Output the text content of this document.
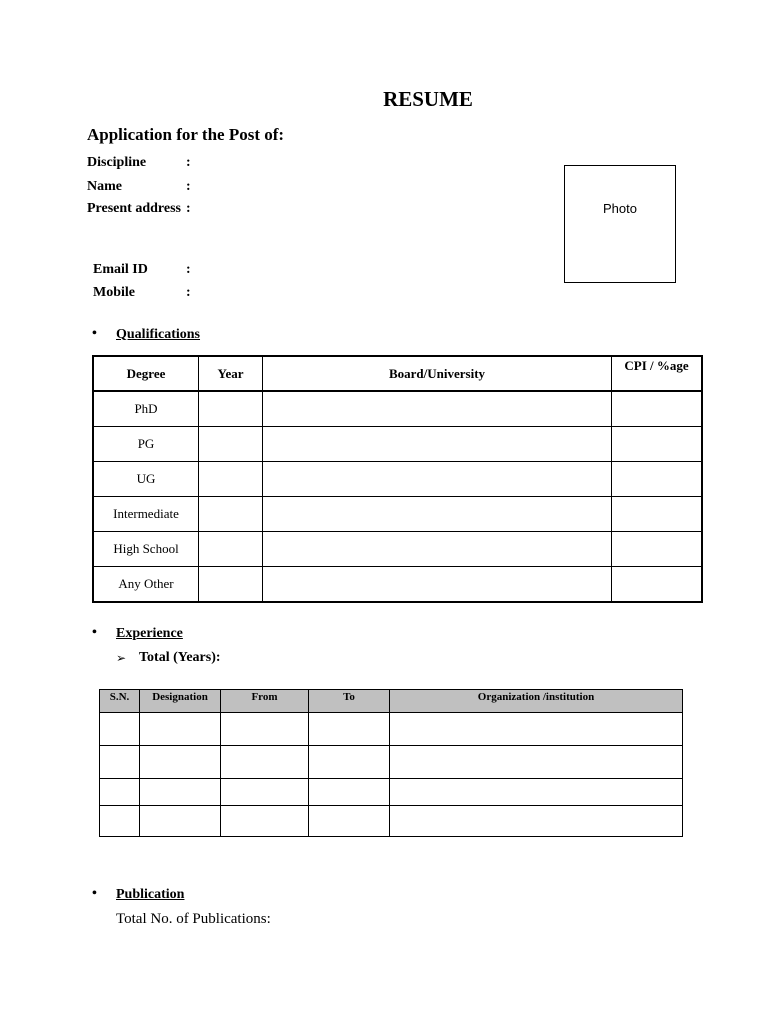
RESUME
Application for the Post of:
Discipline	:
Name	:
Present address :
Email ID	:
Mobile	:
Photo
• Qualifications
Degree	Year	Board/University	CPI / %age
PhD			
PG			
UG			
Intermediate			
High School			
Any Other			
• Experience
➢ Total (Years):
S.N.	Designation	From	To	Organization /institution

• Publication
Total No. of Publications:
